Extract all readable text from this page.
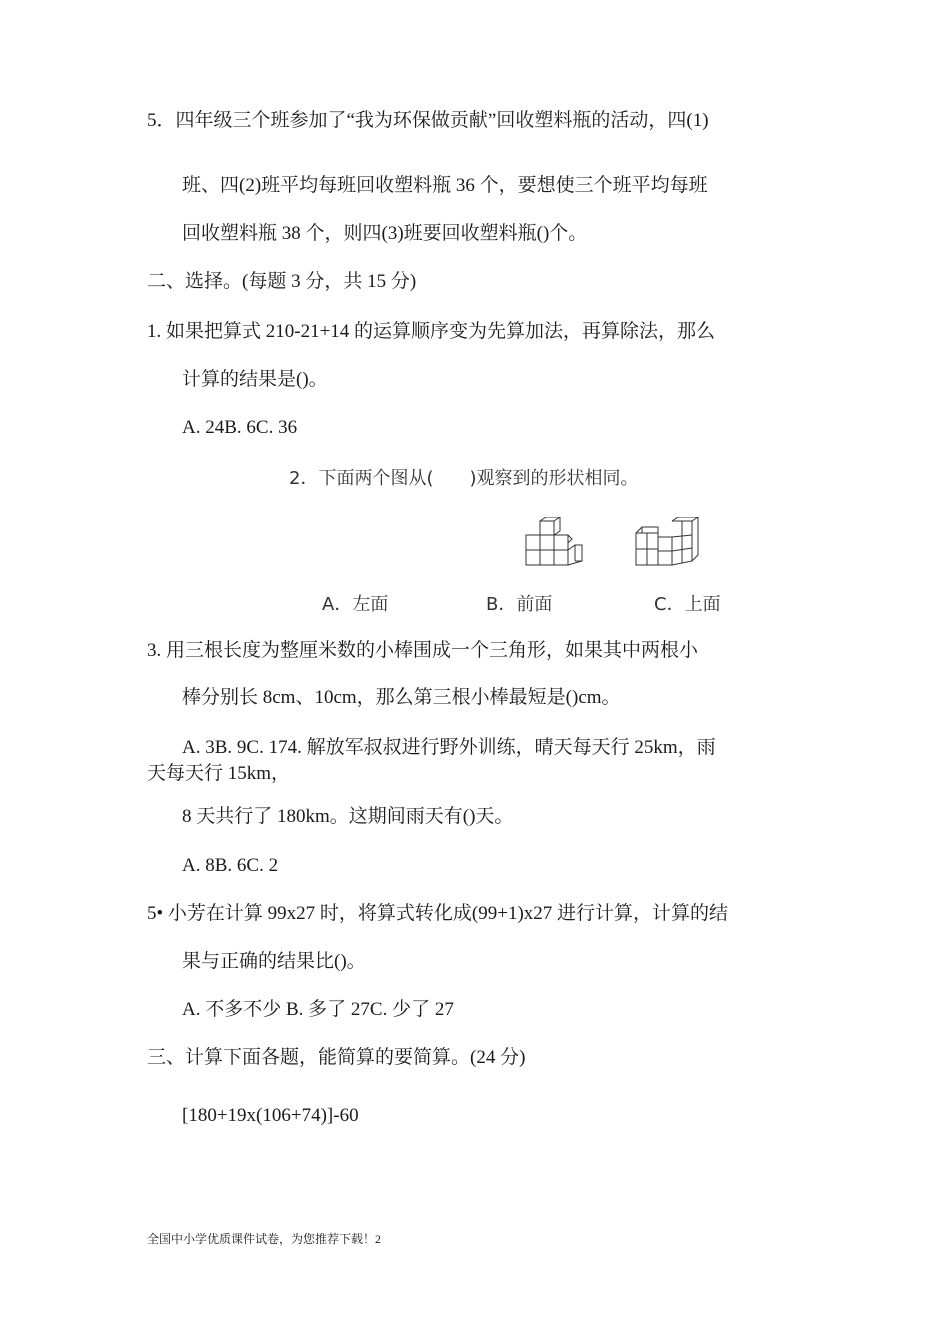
5．四年级三个班参加了“我为环保做贡献”回收塑料瓶的活动，四(1)

班、四(2)班平均每班回收塑料瓶 36 个，要想使三个班平均每班

回收塑料瓶 38 个，则四(3)班要回收塑料瓶()个。

二、选择。(每题 3 分，共 15 分)

1. 如果把算式 210-21+14 的运算顺序变为先算加法，再算除法，那么

计算的结果是()。

A. 24B. 6C. 36

2．下面两个图从(　　)观察到的形状相同。

A．左面	B．前面	C．上面

3. 用三根长度为整厘米数的小棒围成一个三角形，如果其中两根小

棒分别长 8cm、10cm，那么第三根小棒最短是()cm。

A. 3B. 9C. 174. 解放军叔叔进行野外训练，晴天每天行 25km，雨

天每天行 15km，

8 天共行了 180km。这期间雨天有()天。

A. 8B. 6C. 2

5• 小芳在计算 99x27 时，将算式转化成(99+1)x27 进行计算，计算的结

果与正确的结果比()。

A. 不多不少 B. 多了 27C. 少了 27

三、计算下面各题，能简算的要简算。(24 分)

[180+19x(106+74)]-60

全国中小学优质课件试卷，为您推荐下载！2
